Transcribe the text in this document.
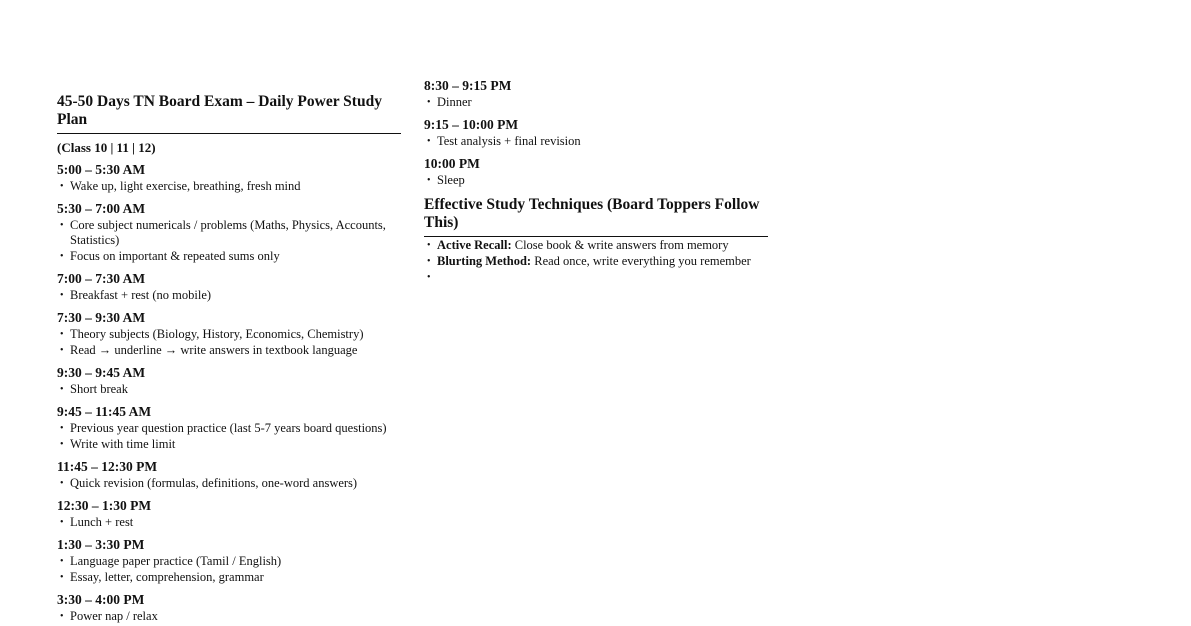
45-50 Days TN Board Exam – Daily Power Study Plan
(Class 10 | 11 | 12)
5:00 – 5:30 AM
• Wake up, light exercise, breathing, fresh mind
5:30 – 7:00 AM
• Core subject numericals / problems (Maths, Physics, Accounts, Statistics)
• Focus on important & repeated sums only
7:00 – 7:30 AM
• Breakfast + rest (no mobile)
7:30 – 9:30 AM
• Theory subjects (Biology, History, Economics, Chemistry)
• Read → underline → write answers in textbook language
9:30 – 9:45 AM
• Short break
9:45 – 11:45 AM
• Previous year question practice (last 5-7 years board questions)
• Write with time limit
11:45 – 12:30 PM
• Quick revision (formulas, definitions, one-word answers)
12:30 – 1:30 PM
• Lunch + rest
1:30 – 3:30 PM
• Language paper practice (Tamil / English)
• Essay, letter, comprehension, grammar
3:30 – 4:00 PM
• Power nap / relax
8:30 – 9:15 PM
• Dinner
9:15 – 10:00 PM
• Test analysis + final revision
10:00 PM
• Sleep
Effective Study Techniques (Board Toppers Follow This)
• Active Recall: Close book & write answers from memory
• Blurting Method: Read once, write everything you remember
•
